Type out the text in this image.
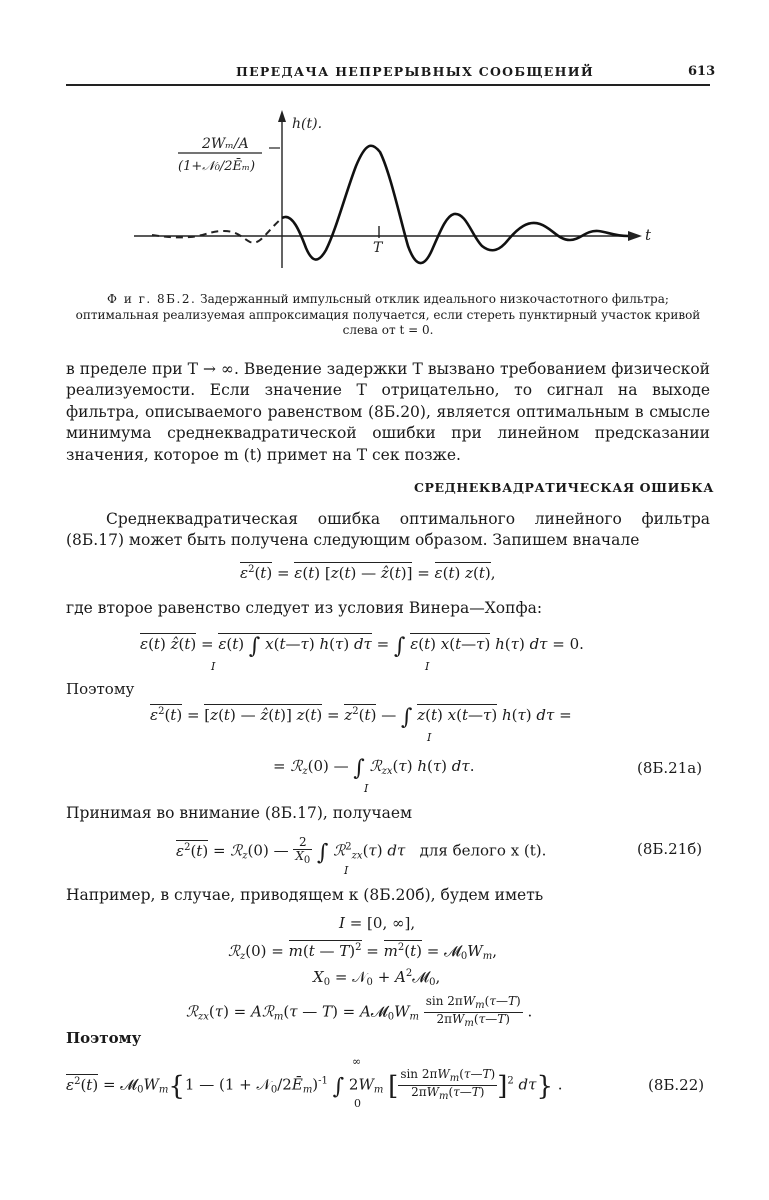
ПЕРЕДАЧА НЕПРЕРЫВНЫХ СООБЩЕНИЙ	613
2Wₘ/A
(1+𝒩₀/2Ēₘ)
h(t).
t
T
Ф и г. 8Б.2. Задержанный импульсный отклик идеального низкочастотного фильтра; оптимальная реализуемая аппроксимация получается, если стереть пунктирный участок кривой слева от t = 0.
в пределе при T → ∞. Введение задержки T вызвано требованием физической реализуемости. Если значение T отрицательно, то сигнал на выходе фильтра, описываемого равенством (8Б.20), является оптимальным в смысле минимума среднеквадратической ошибки при линейном предсказании значения, которое m (t) примет на T сек позже.
СРЕДНЕКВАДРАТИЧЕСКАЯ ОШИБКА
Среднеквадратическая ошибка оптимального линейного фильтра (8Б.17) может быть получена следующим образом. Запишем вначале
$\varepsilon^2(t) = \varepsilon(t)$ [z(t) — ẑ(t)] = ε(t) z(t),
где второе равенство следует из условия Винера—Хопфа:
ε(t) ẑ(t) = ε(t) ∫ x(t—τ) h(τ) dτ = ∫ ε(t) x(t—τ) h(τ) dτ = 0.
I	I
Поэтому
$\varepsilon^2(t) = [z(t)$ — ẑ(t)] $z(t) = z^2(t)$ — ∫ z(t) x(t—τ) h(τ) dτ =
I
= ℛ$_z$(0) — ∫ ℛ$_{zx}$(τ) h(τ) dτ.
I
(8Б.21а)
Принимая во внимание (8Б.17), получаем
$\varepsilon^2(t)$ = ℛ$_z$(0) — $\frac{2}{X_0}$ ∫ ℛ$^2_{zx}$(τ) dτ для белого x (t).
I
(8Б.21б)
Например, в случае, приводящем к (8Б.20б), будем иметь
I = [0, ∞],
ℛ$_z$(0) = m(t — $T)^2 = m^2(t)$ = $𝓜_0W_m$,
$X_0$ = 𝒩$_0$ + $A^2𝓜_0$,
ℛ$_{zx}$(τ) = Aℛ$_m$(τ — $T) = A𝓜_0W_m \frac{\sin 2\pi W_m(\tau—T)}{2\pi W_m(\tau—T)}$ .
Поэтому
$\varepsilon^2(t)$ = $𝓜_0W_m\{1$ — $(1 + 𝒩_0/2Ē_m)^{-1}$ ∫ $2W_m$ [ $\frac{\sin 2\pi W_m(\tau—T)}{2\pi W_m(\tau—T)} ]^2$ dτ} .
∞
0
(8Б.22)
